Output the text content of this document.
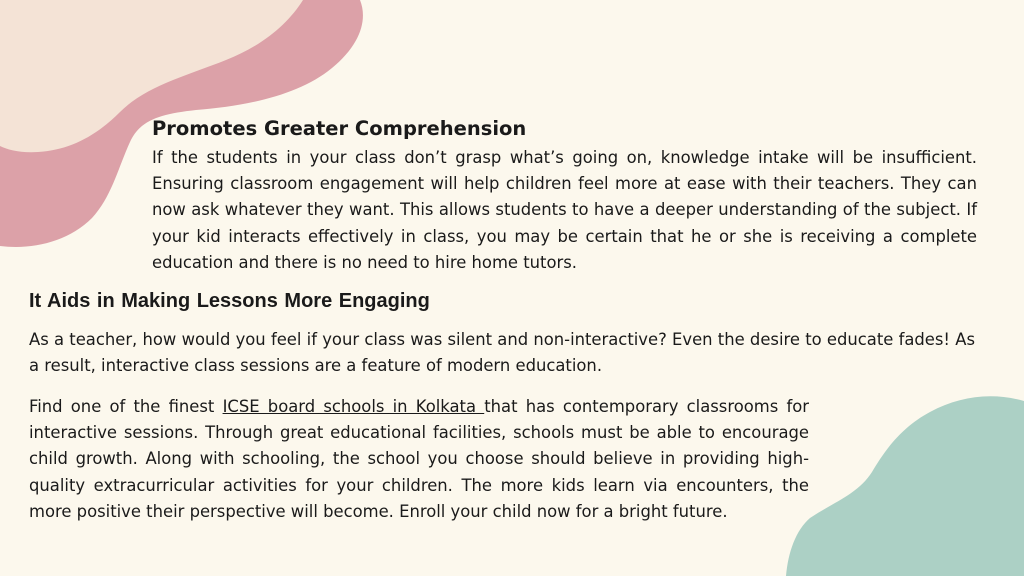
Promotes Greater Comprehension
If the students in your class don’t grasp what’s going on, knowledge intake will be insufficient. Ensuring classroom engagement will help children feel more at ease with their teachers. They can now ask whatever they want. This allows students to have a deeper understanding of the subject. If your kid interacts effectively in class, you may be certain that he or she is receiving a complete education and there is no need to hire home tutors.
It Aids in Making Lessons More Engaging
As a teacher, how would you feel if your class was silent and non-interactive? Even the desire to educate fades! As a result, interactive class sessions are a feature of modern education.
Find one of the finest ICSE board schools in Kolkata that has contemporary classrooms for interactive sessions. Through great educational facilities, schools must be able to encourage child growth. Along with schooling, the school you choose should believe in providing high-quality extracurricular activities for your children. The more kids learn via encounters, the more positive their perspective will become. Enroll your child now for a bright future.
